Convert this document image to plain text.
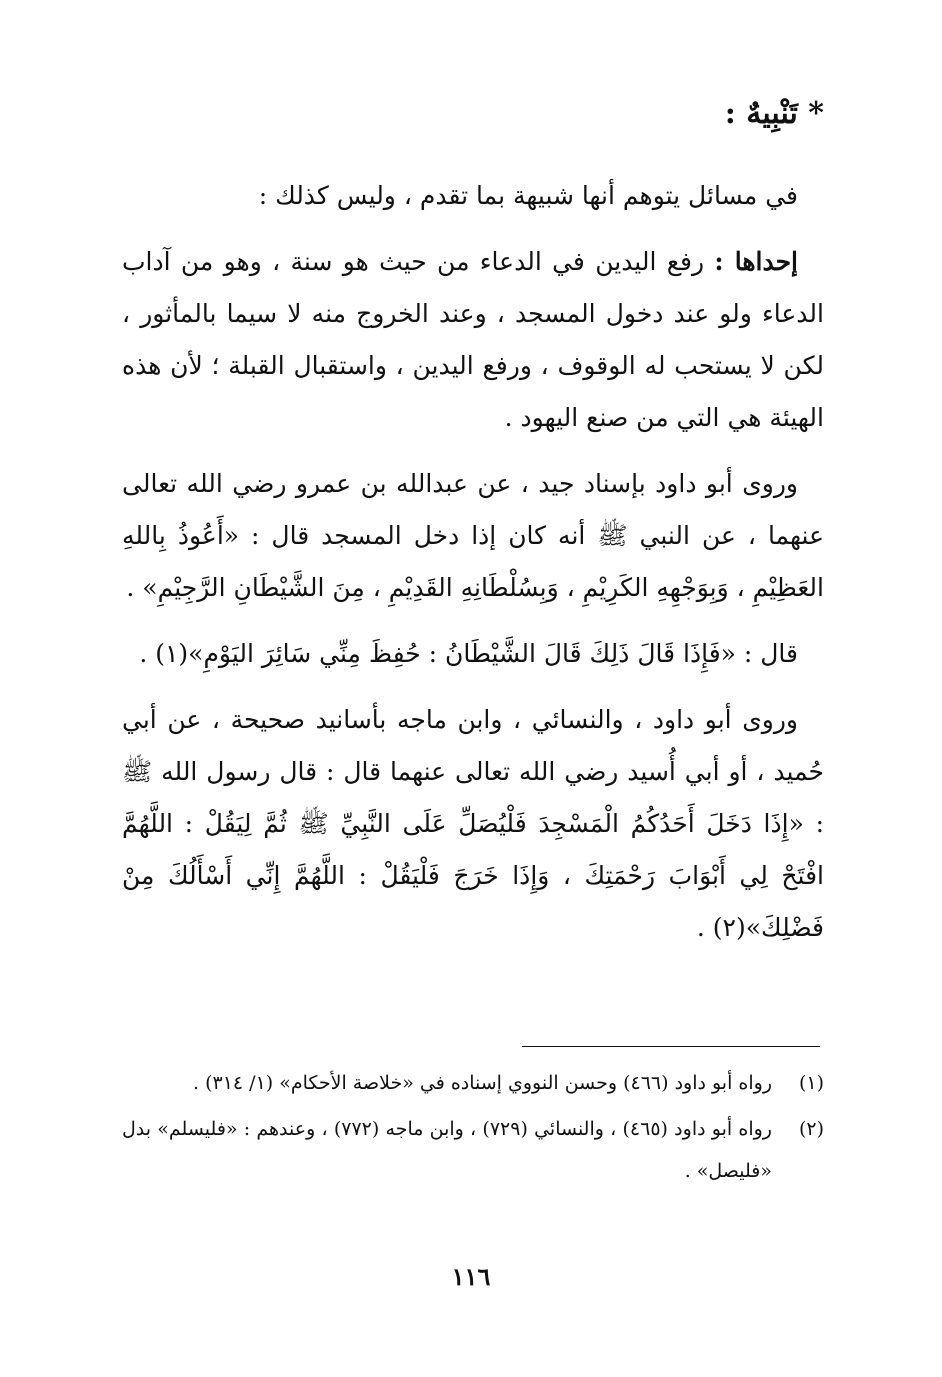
* تَنْبِيهٌ :

في مسائل يتوهم أنها شبيهة بما تقدم ، وليس كذلك :

إحداها : رفع اليدين في الدعاء من حيث هو سنة ، وهو من آداب الدعاء ولو عند دخول المسجد ، وعند الخروج منه لا سيما بالمأثور ، لكن لا يستحب له الوقوف ، ورفع اليدين ، واستقبال القبلة ؛ لأن هذه الهيئة هي التي من صنع اليهود .

وروى أبو داود بإسناد جيد ، عن عبدالله بن عمرو رضي الله تعالى عنهما ، عن النبي ﷺ أنه كان إذا دخل المسجد قال : «أَعُوذُ بِاللهِ العَظِيْمِ ، وَبِوَجْهِهِ الكَرِيْمِ ، وَبِسُلْطَانِهِ القَدِيْمِ ، مِنَ الشَّيْطَانِ الرَّجِيْمِ» .

قال : «فَإِذَا قَالَ ذَلِكَ قَالَ الشَّيْطَانُ : حُفِظَ مِنِّي سَائِرَ اليَوْمِ»(١) .

وروى أبو داود ، والنسائي ، وابن ماجه بأسانيد صحيحة ، عن أبي حُميد ، أو أبي أُسيد رضي الله تعالى عنهما قال : قال رسول الله ﷺ : «إِذَا دَخَلَ أَحَدُكُمُ الْمَسْجِدَ فَلْيُصَلِّ عَلَى النَّبِيِّ ﷺ ثُمَّ لِيَقُلْ : اللَّهُمَّ افْتَحْ لِي أَبْوَابَ رَحْمَتِكَ ، وَإِذَا خَرَجَ فَلْيَقُلْ : اللَّهُمَّ إِنِّي أَسْأَلُكَ مِنْ فَضْلِكَ»(٢) .

(١)
رواه أبو داود (٤٦٦) وحسن النووي إسناده في «خلاصة الأحكام» (١/ ٣١٤) .
(٢)
رواه أبو داود (٤٦٥) ، والنسائي (٧٢٩) ، وابن ماجه (٧٧٢) ، وعندهم : «فليسلم» بدل «فليصل» .
١١٦
